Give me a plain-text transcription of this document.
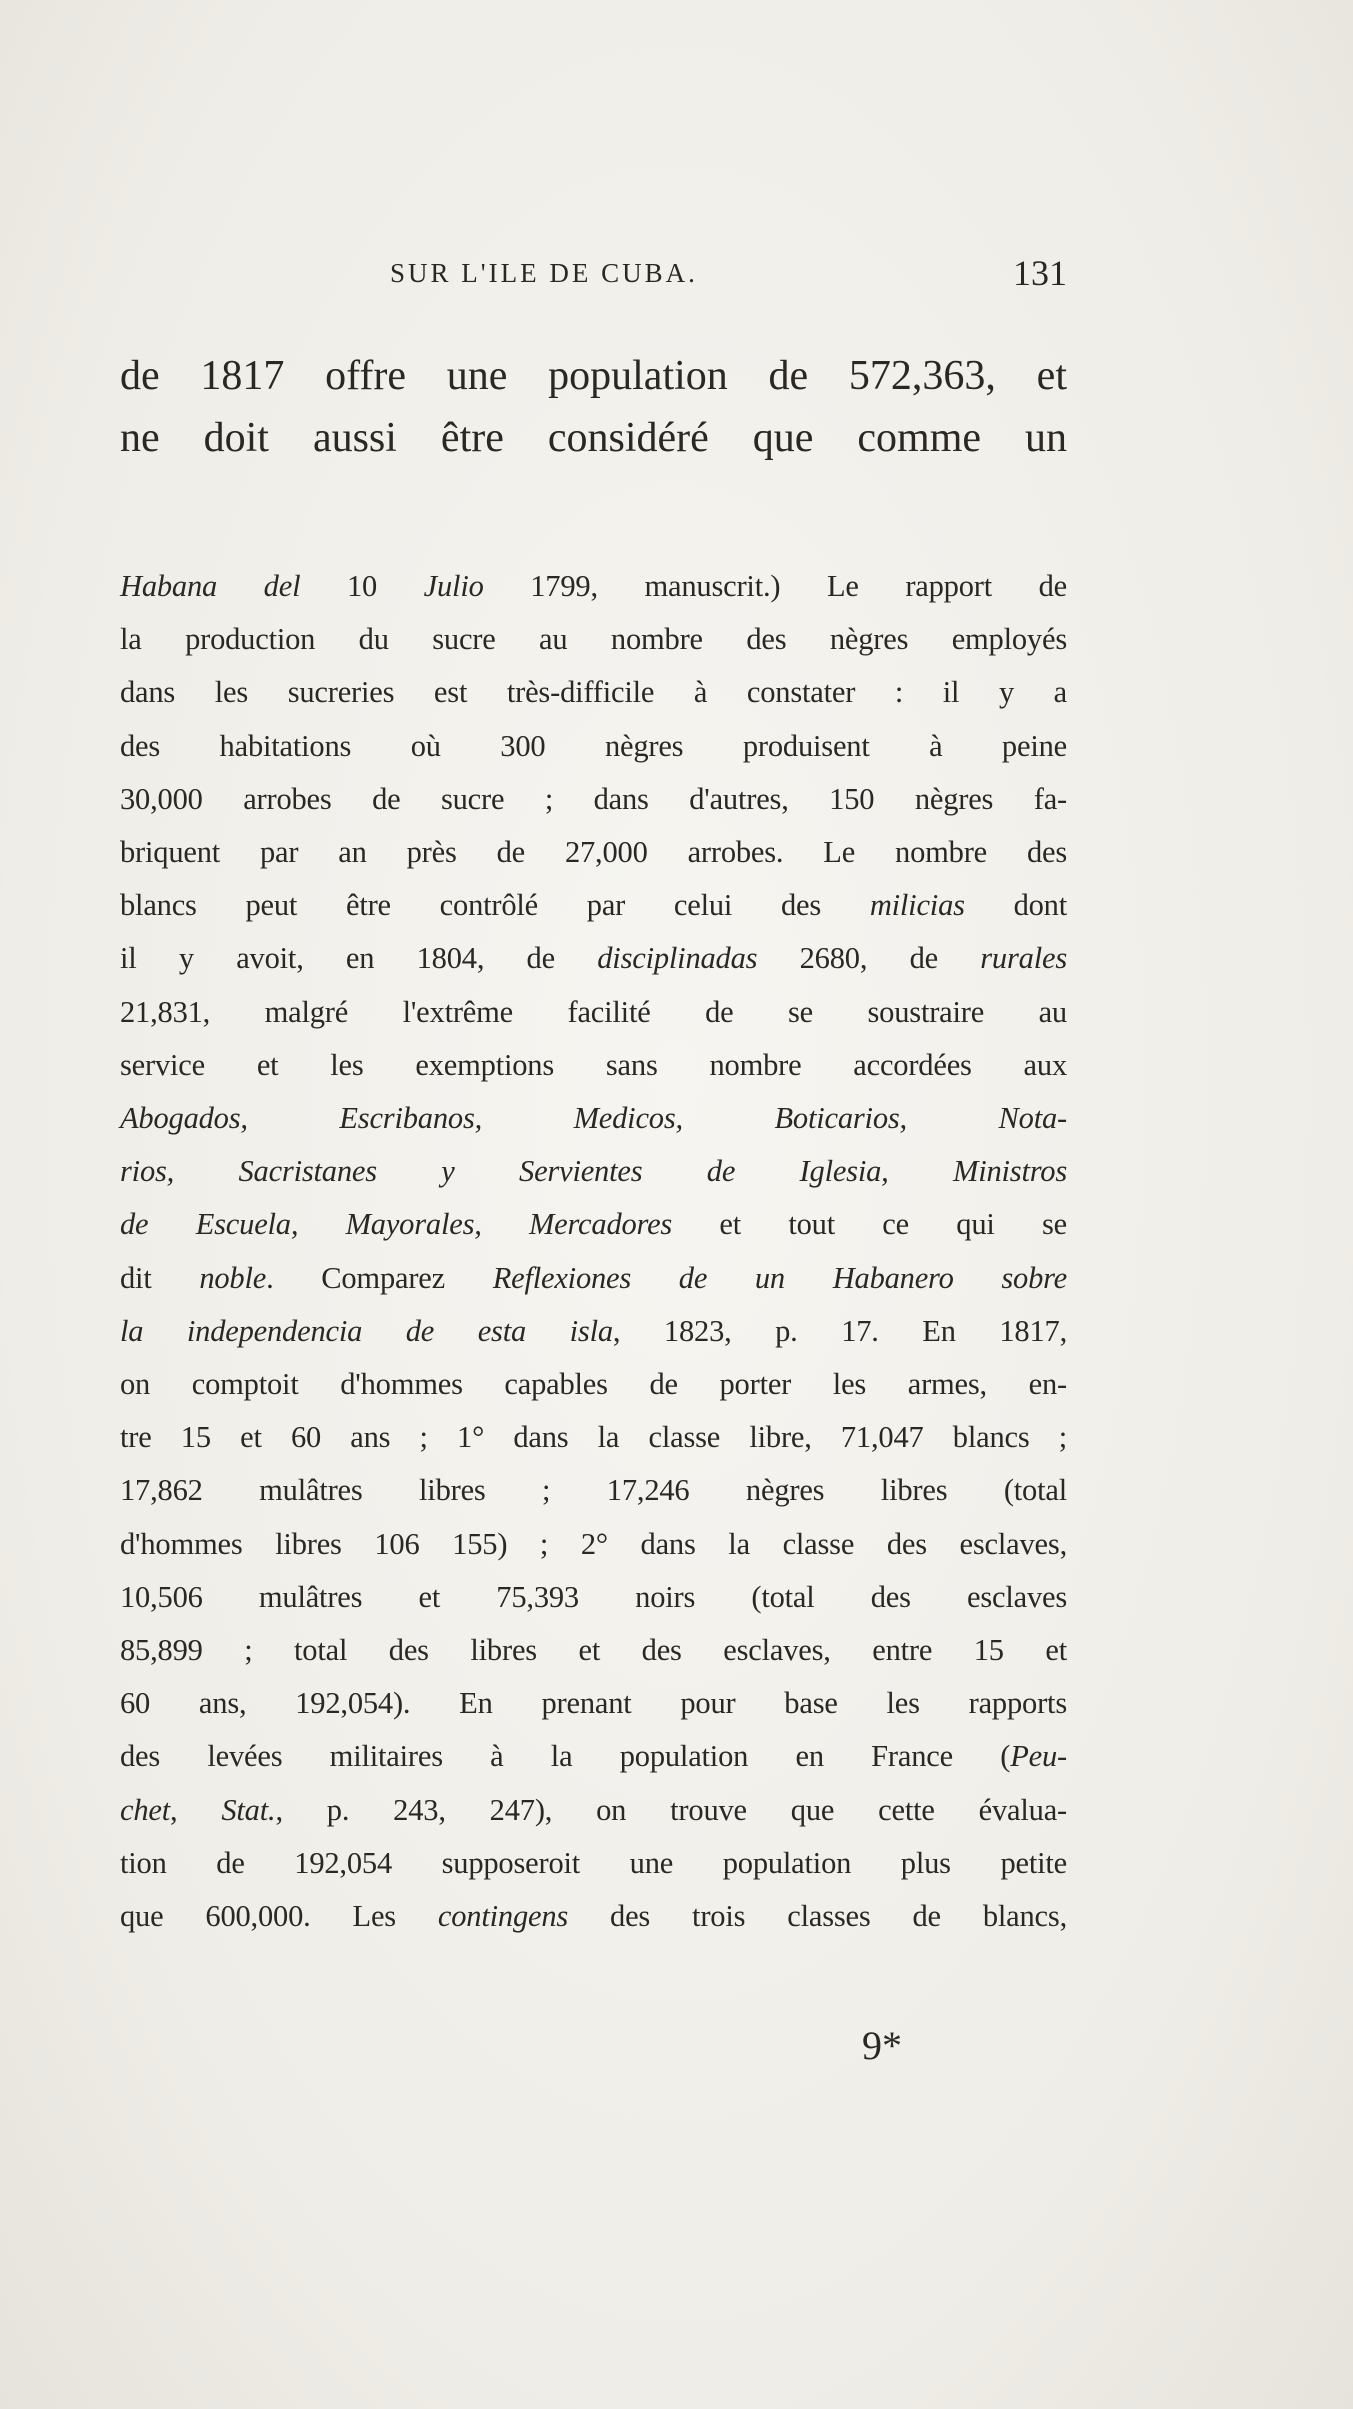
SUR L'ILE DE CUBA.	131
de 1817 offre une population de 572,363, et
ne doit aussi être considéré que comme un
Habana del 10 Julio 1799, manuscrit.) Le rapport de
la production du sucre au nombre des nègres employés
dans les sucreries est très-difficile à constater : il y a
des habitations où 300 nègres produisent à peine
30,000 arrobes de sucre ; dans d'autres, 150 nègres fa-
briquent par an près de 27,000 arrobes. Le nombre des
blancs peut être contrôlé par celui des milicias dont
il y avoit, en 1804, de disciplinadas 2680, de rurales
21,831, malgré l'extrême facilité de se soustraire au
service et les exemptions sans nombre accordées aux
Abogados, Escribanos, Medicos, Boticarios, Nota-
rios, Sacristanes y Servientes de Iglesia, Ministros
de Escuela, Mayorales, Mercadores et tout ce qui se
dit noble. Comparez Reflexiones de un Habanero sobre
la independencia de esta isla, 1823, p. 17. En 1817,
on comptoit d'hommes capables de porter les armes, en-
tre 15 et 60 ans ; 1° dans la classe libre, 71,047 blancs ;
17,862 mulâtres libres ; 17,246 nègres libres (total
d'hommes libres 106 155) ; 2° dans la classe des esclaves,
10,506 mulâtres et 75,393 noirs (total des esclaves
85,899 ; total des libres et des esclaves, entre 15 et
60 ans, 192,054). En prenant pour base les rapports
des levées militaires à la population en France (Peu-
chet, Stat., p. 243, 247), on trouve que cette évalua-
tion de 192,054 supposeroit une population plus petite
que 600,000. Les contingens des trois classes de blancs,
9*
